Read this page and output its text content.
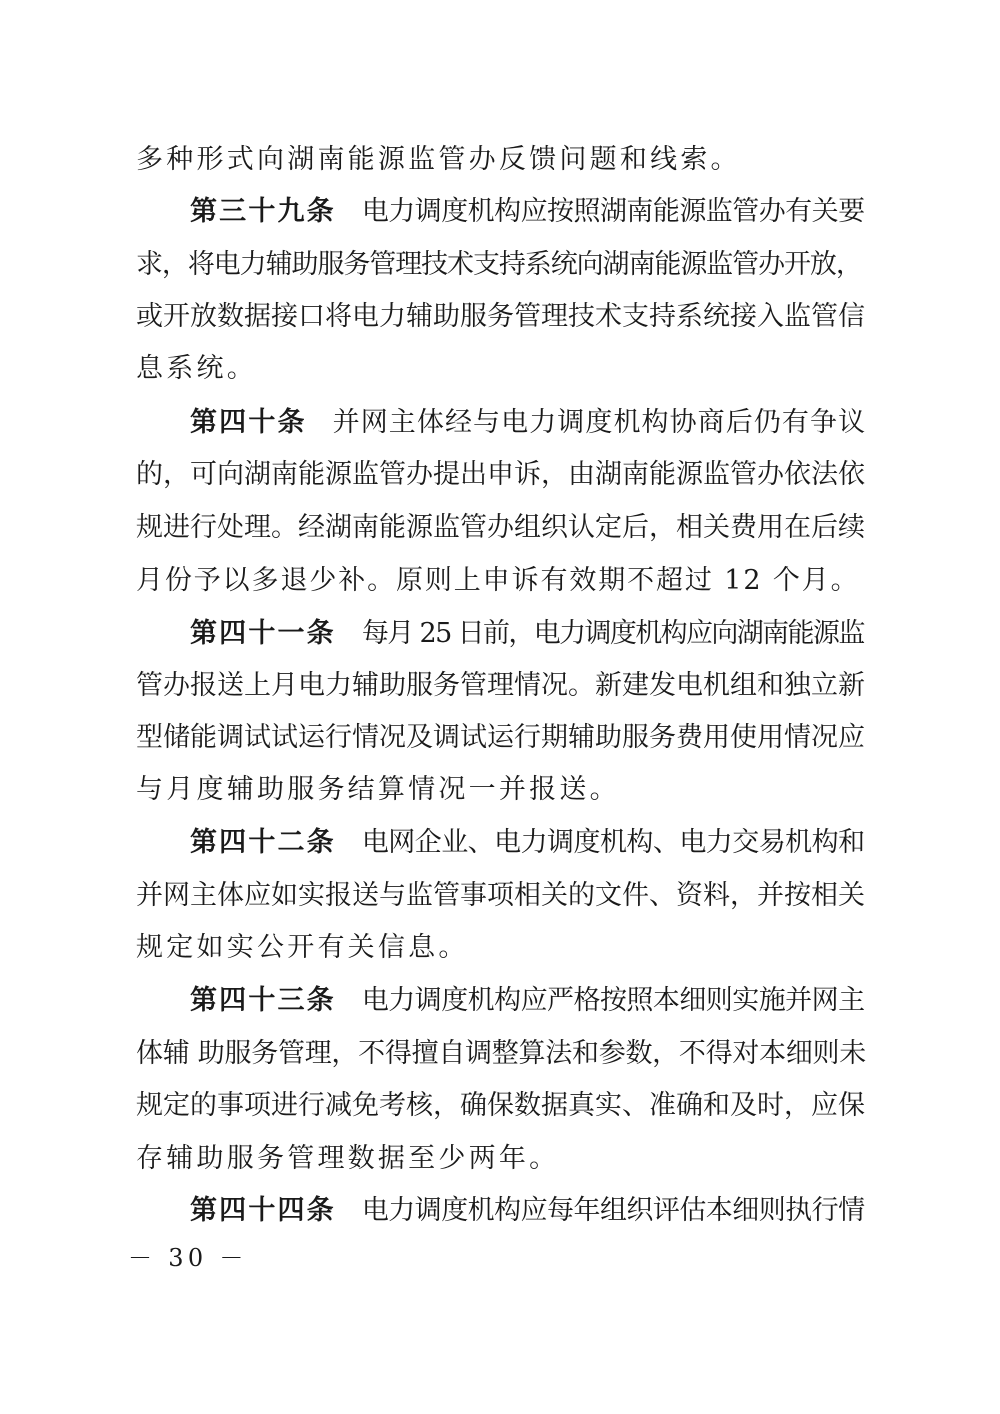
多种形式向湖南能源监管办反馈问题和线索。
第三十九条 电力调度机构应按照湖南能源监管办有关要
求，将电力辅助服务管理技术支持系统向湖南能源监管办开放，
或开放数据接口将电力辅助服务管理技术支持系统接入监管信
息系统。
第四十条 并网主体经与电力调度机构协商后仍有争议
的，可向湖南能源监管办提出申诉，由湖南能源监管办依法依
规进行处理。经湖南能源监管办组织认定后，相关费用在后续
月份予以多退少补。原则上申诉有效期不超过 12 个月。
第四十一条 每月 25 日前，电力调度机构应向湖南能源监
管办报送上月电力辅助服务管理情况。新建发电机组和独立新
型储能调试试运行情况及调试运行期辅助服务费用使用情况应
与月度辅助服务结算情况一并报送。
第四十二条 电网企业、电力调度机构、电力交易机构和
并网主体应如实报送与监管事项相关的文件、资料，并按相关
规定如实公开有关信息。
第四十三条 电力调度机构应严格按照本细则实施并网主
体辅 助服务管理，不得擅自调整算法和参数，不得对本细则未
规定的事项进行减免考核，确保数据真实、准确和及时，应保
存辅助服务管理数据至少两年。
第四十四条 电力调度机构应每年组织评估本细则执行情
－ 30 －
